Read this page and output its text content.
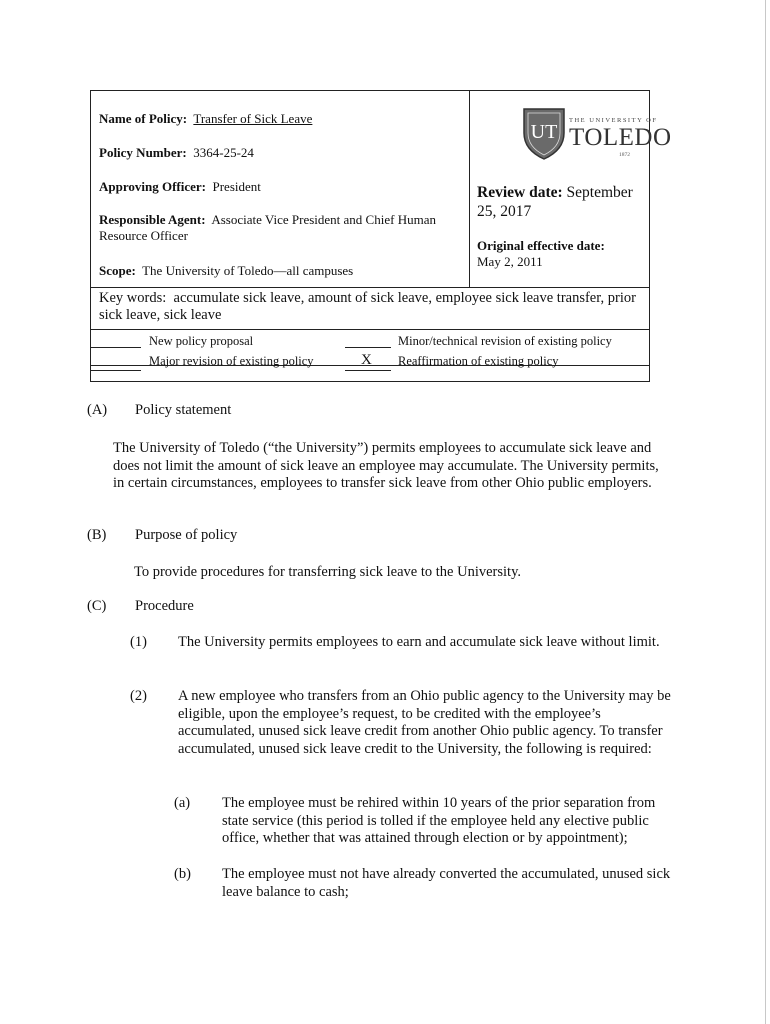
Name of Policy: Transfer of Sick Leave
Policy Number: 3364-25-24
Approving Officer: President
Responsible Agent: Associate Vice President and Chief Human Resource Officer
Scope: The University of Toledo—all campuses
UT
THE UNIVERSITY OF
TOLEDO
1872
Review date: September 25, 2017
Original effective date:
May 2, 2011
Key words: accumulate sick leave, amount of sick leave, employee sick leave transfer, prior sick leave, sick leave
New policy proposal	Minor/technical revision of existing policy
Major revision of existing policy	X Reaffirmation of existing policy
(A) Policy statement

The University of Toledo (“the University”) permits employees to accumulate sick leave and does not limit the amount of sick leave an employee may accumulate. The University permits, in certain circumstances, employees to transfer sick leave from other Ohio public employers.

(B) Purpose of policy

To provide procedures for transferring sick leave to the University.

(C) Procedure
(1) The University permits employees to earn and accumulate sick leave without limit.

(2) A new employee who transfers from an Ohio public agency to the University may be eligible, upon the employee’s request, to be credited with the employee’s accumulated, unused sick leave credit from another Ohio public agency. To transfer accumulated, unused sick leave credit to the University, the following is required:

(a) The employee must be rehired within 10 years of the prior separation from state service (this period is tolled if the employee held any elective public office, whether that was attained through election or by appointment);

(b) The employee must not have already converted the accumulated, unused sick leave balance to cash;
